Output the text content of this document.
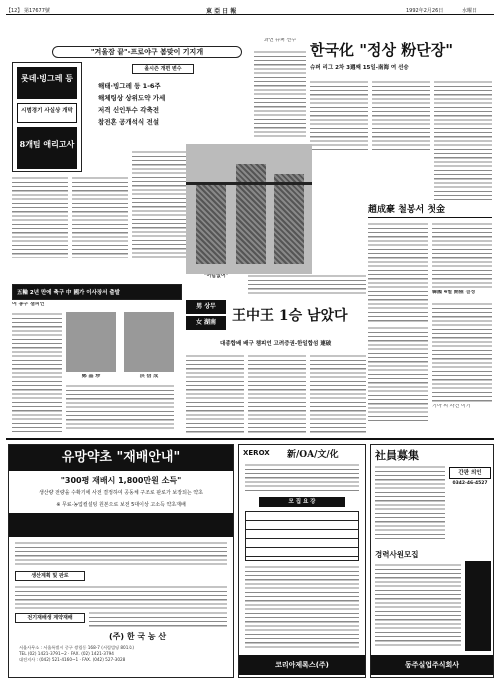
【12】 第17677號	東 亞 日 報	1992年2月26日	水曜日
"겨울잠 끝"-프로야구 봄맞이 기지개
롯데·빙그레 등
시범경기 사실상 개막
8개팀 애리고사
올시즌 개편 변수
해태·빙그레 등 1-6주
해체팅상 상위도약 가세
저격 신인투수 각축전
참전혼 공개석식 전설
과연 슈퍼 선수
한국化 "정상 粉단장"
슈퍼 리그 2차 3週째 15일-南海 여 선승
"어림없어"
趙成豪 철봉서 첫金
韓國 4월 開催 결정
男 상무
女 湖南	王中王 1승 남았다
대종합배 배구 챔피언 고려증권-한일합섬 連破
五輪 2년 만에 축구 中 國가 이사장서 출발
여 농구 챔피언
鄭 晶 珍	洪 信 成
기아 씨 사건 이기
유망약초 "재배안내"
"300평 재배시 1,800만원 소득"
생산량 전량을 수확기에 사전 결정하여 공동체 구조로 판로가 보장되는 약초
※ 무료·농업컬설팅 원본으로 보전 5대이상 고소득 약초재배
생산계획 및 판로
전기재배생 계약재배
(주) 한 국 농 산
서울사무소 : 서울특별시 중구 쌍림동 168-7 (서림빌딩 801호)
TEL (02) 1421-3791~2 · FAX. (02) 1421-3794
대전지사 : (042) 521-4160~1 · FAX. (042) 527-3028
XEROX 新/OA/文/化
모 집 요 강
코리아제록스(주)
社員募集
간판 의인
0342-46-4527
경력사원모집
동주실업주식회사
